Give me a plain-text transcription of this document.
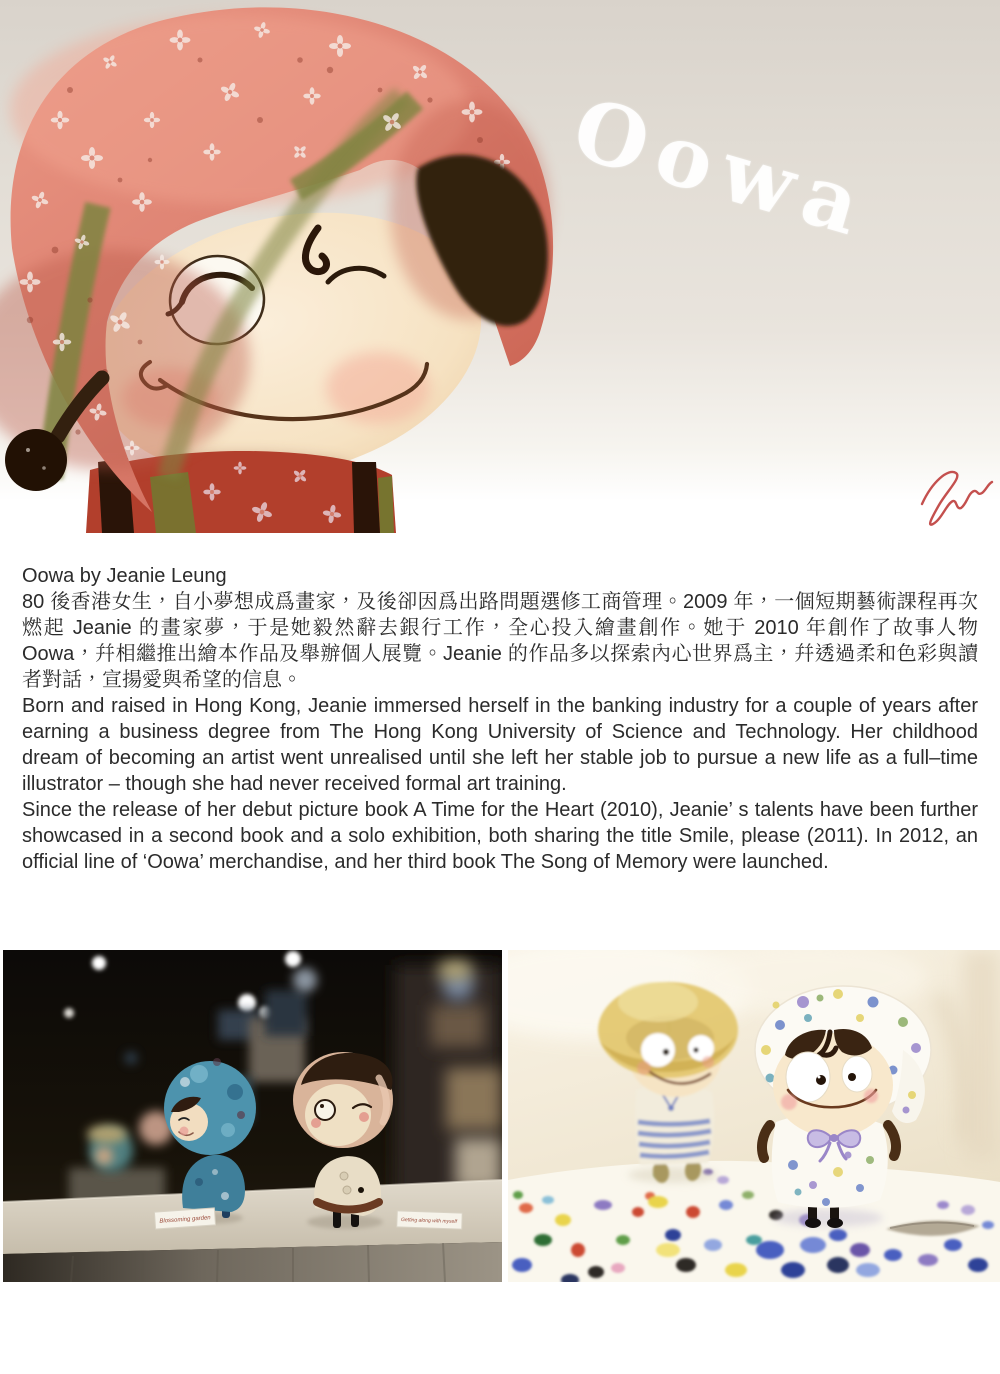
Oowa

Oowa by Jeanie Leung

80 後香港女生，自小夢想成爲畫家，及後卻因爲出路問題選修工商管理。2009 年，一個短期藝術課程再次燃起 Jeanie 的畫家夢，于是她毅然辭去銀行工作，全心投入繪畫創作。她于 2010 年創作了故事人物 Oowa，幷相繼推出繪本作品及舉辦個人展覽。Jeanie 的作品多以探索內心世界爲主，幷透過柔和色彩與讀者對話，宣揚愛與希望的信息。

Born and raised in Hong Kong, Jeanie immersed herself in the banking industry for a couple of years after earning a business degree from The Hong Kong University of Science and Technology. Her childhood dream of becoming an artist went unrealised until she left her stable job to pursue a new life as a full–time illustrator – though she had never received formal art training.

Since the release of her debut picture book A Time for the Heart (2010), Jeanie’ s talents have been further showcased in a second book and a solo exhibition, both sharing the title Smile, please (2011). In 2012, an official line of ‘Oowa’ merchandise, and her third book The Song of Memory were launched.

Blossoming garden	Getting along with myself
